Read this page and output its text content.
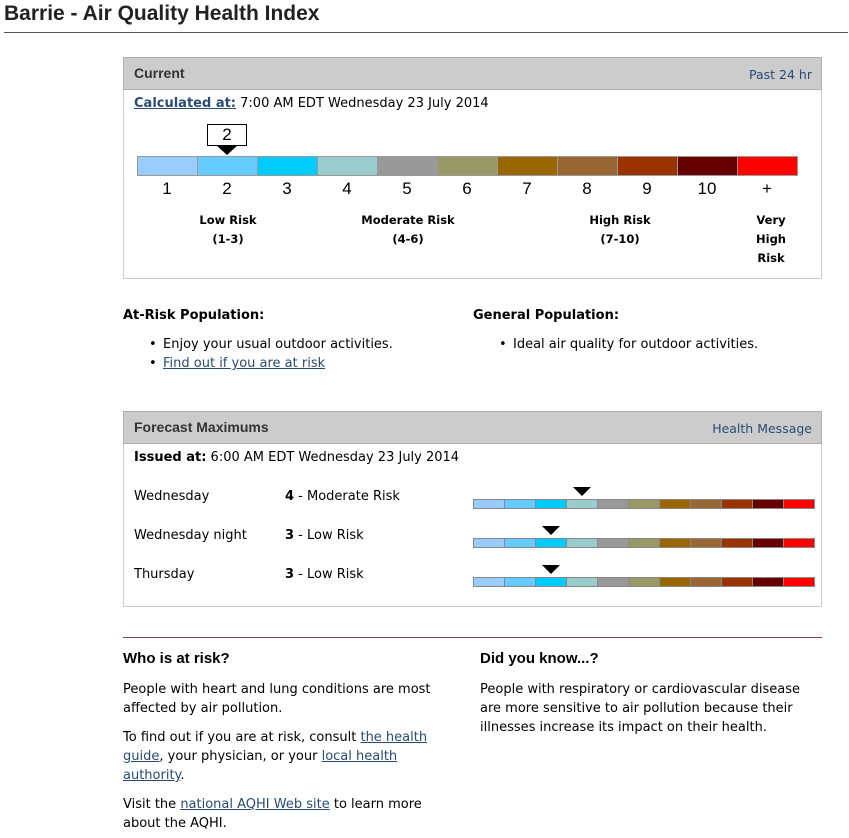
Barrie - Air Quality Health Index
Current	Past 24 hr
Calculated at: 7:00 AM EDT Wednesday 23 July 2014
2
1	2	3	4	5	6	7	8	9	10	+
Low Risk
(1-3)
Moderate Risk
(4-6)
High Risk
(7-10)
Very
High
Risk
At-Risk Population:
• Enjoy your usual outdoor activities.
• Find out if you are at risk
General Population:
• Ideal air quality for outdoor activities.
Forecast Maximums	Health Message
Issued at: 6:00 AM EDT Wednesday 23 July 2014
Wednesday	4 - Moderate Risk
Wednesday night	3 - Low Risk
Thursday	3 - Low Risk
Who is at risk?

People with heart and lung conditions are most affected by air pollution.

To find out if you are at risk, consult the health guide, your physician, or your local health authority.

Visit the national AQHI Web site to learn more about the AQHI.

Did you know...?

People with respiratory or cardiovascular disease are more sensitive to air pollution because their illnesses increase its impact on their health.
